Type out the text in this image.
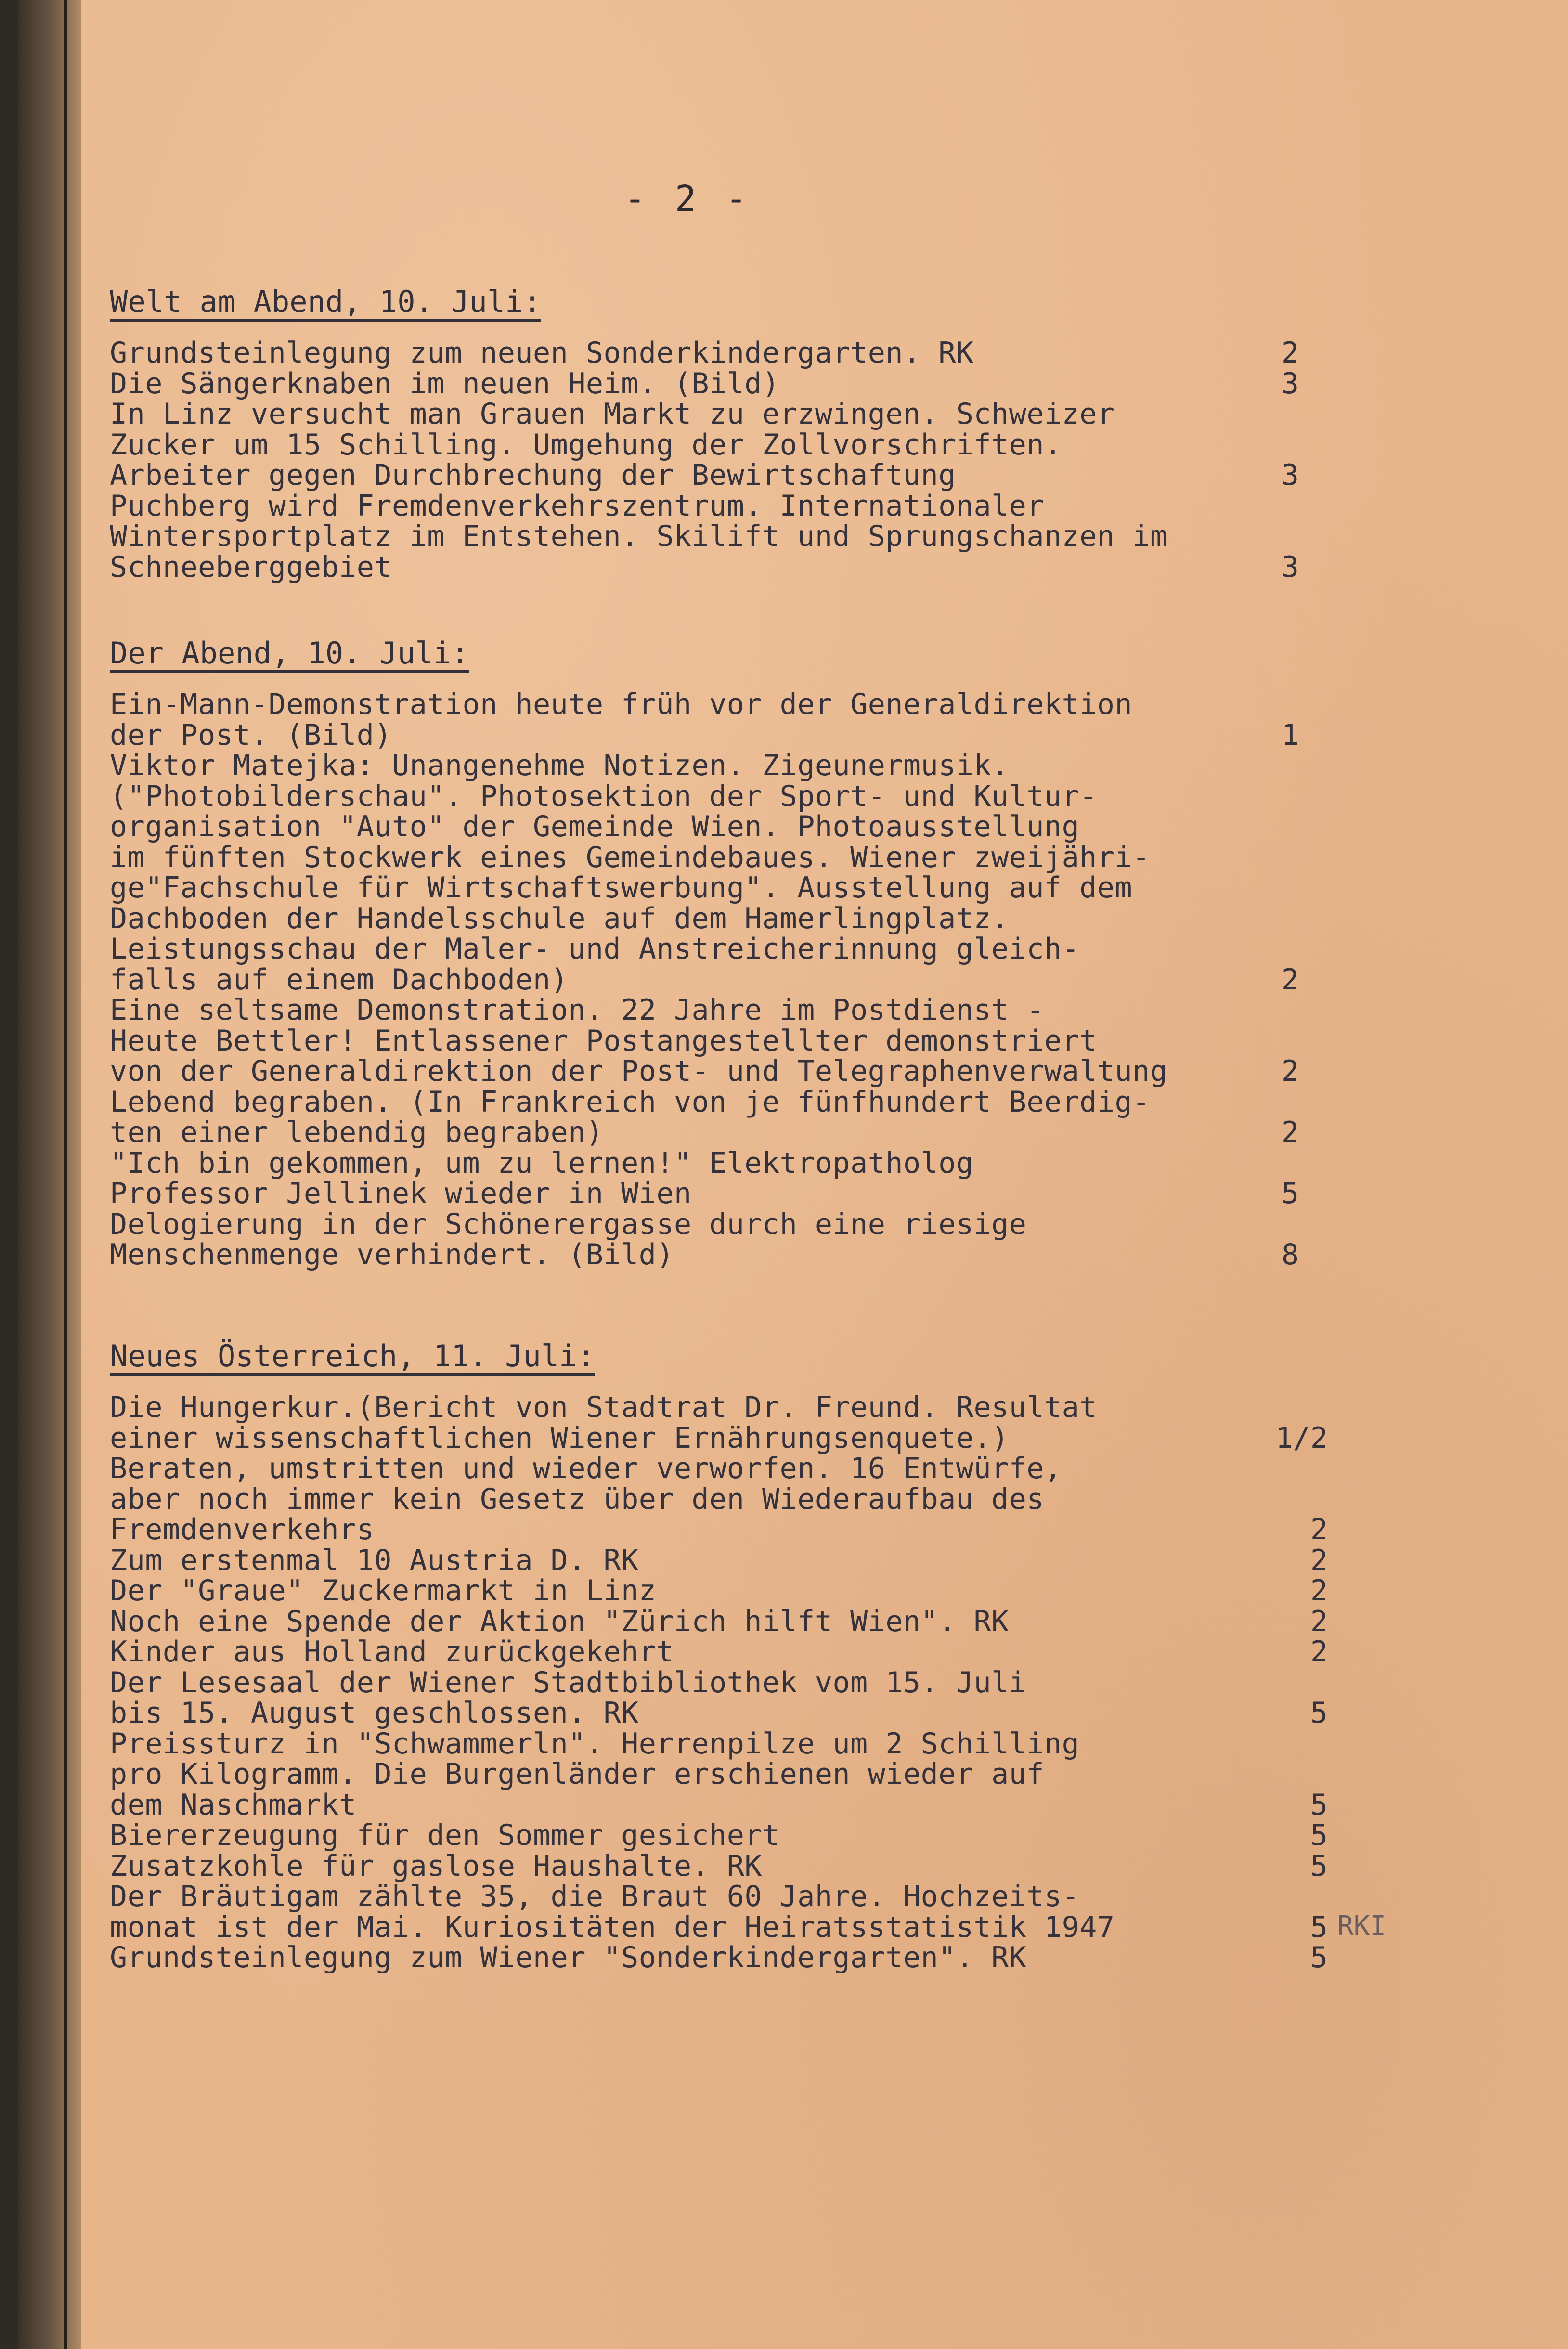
- 2 -
Welt am Abend, 10. Juli:
Grundsteinlegung zum neuen Sonderkindergarten. RK	2
Die Sängerknaben im neuen Heim. (Bild)	3
In Linz versucht man Grauen Markt zu erzwingen. Schweizer
Zucker um 15 Schilling. Umgehung der Zollvorschriften.
Arbeiter gegen Durchbrechung der Bewirtschaftung	3
Puchberg wird Fremdenverkehrszentrum. Internationaler
Wintersportplatz im Entstehen. Skilift und Sprungschanzen im
Schneeberggebiet	3
Der Abend, 10. Juli:
Ein-Mann-Demonstration heute früh vor der Generaldirektion
der Post. (Bild)	1
Viktor Matejka: Unangenehme Notizen. Zigeunermusik.
("Photobilderschau". Photosektion der Sport- und Kultur-
organisation "Auto" der Gemeinde Wien. Photoausstellung
im fünften Stockwerk eines Gemeindebaues. Wiener zweijähri-
ge"Fachschule für Wirtschaftswerbung". Ausstellung auf dem
Dachboden der Handelsschule auf dem Hamerlingplatz.
Leistungsschau der Maler- und Anstreicherinnung gleich-
falls auf einem Dachboden)	2
Eine seltsame Demonstration. 22 Jahre im Postdienst -
Heute Bettler! Entlassener Postangestellter demonstriert
von der Generaldirektion der Post- und Telegraphenverwaltung	2
Lebend begraben. (In Frankreich von je fünfhundert Beerdig-
ten einer lebendig begraben)	2
"Ich bin gekommen, um zu lernen!" Elektropatholog
Professor Jellinek wieder in Wien	5
Delogierung in der Schönerergasse durch eine riesige
Menschenmenge verhindert. (Bild)	8
Neues Österreich, 11. Juli:
Die Hungerkur.(Bericht von Stadtrat Dr. Freund. Resultat
einer wissenschaftlichen Wiener Ernährungsenquete.)	1/2
Beraten, umstritten und wieder verworfen. 16 Entwürfe,
aber noch immer kein Gesetz über den Wiederaufbau des
Fremdenverkehrs	2
Zum erstenmal 10 Austria D. RK	2
Der "Graue" Zuckermarkt in Linz	2
Noch eine Spende der Aktion "Zürich hilft Wien". RK	2
Kinder aus Holland zurückgekehrt	2
Der Lesesaal der Wiener Stadtbibliothek vom 15. Juli
bis 15. August geschlossen. RK	5
Preissturz in "Schwammerln". Herrenpilze um 2 Schilling
pro Kilogramm. Die Burgenländer erschienen wieder auf
dem Naschmarkt	5
Biererzeugung für den Sommer gesichert	5
Zusatzkohle für gaslose Haushalte. RK	5
Der Bräutigam zählte 35, die Braut 60 Jahre. Hochzeits-
monat ist der Mai. Kuriositäten der Heiratsstatistik 1947	5 RKI
Grundsteinlegung zum Wiener "Sonderkindergarten". RK	5
